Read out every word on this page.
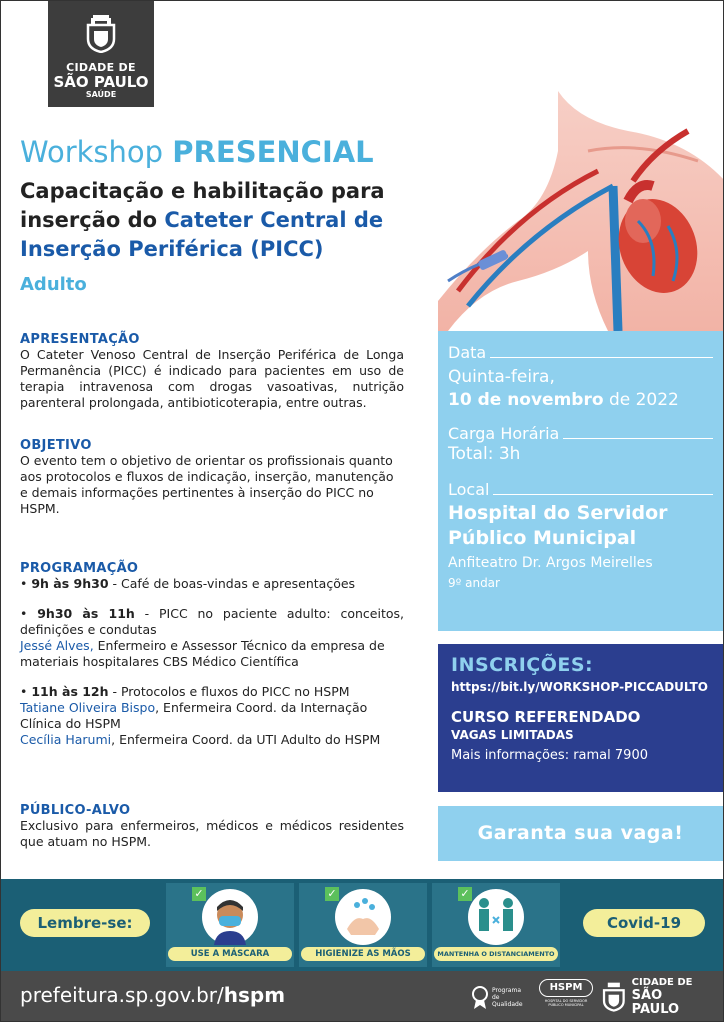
CIDADE DE
SÃO PAULO
SAÚDE
Workshop PRESENCIAL
Capacitação e habilitação para inserção do Cateter Central de Inserção Periférica (PICC)
Adulto
APRESENTAÇÃO
O Cateter Venoso Central de Inserção Periférica de Longa Permanência (PICC) é indicado para pacientes em uso de terapia intravenosa com drogas vasoativas, nutrição parenteral prolongada, antibioticoterapia, entre outras.
OBJETIVO
O evento tem o objetivo de orientar os profissionais quanto aos protocolos e fluxos de indicação, inserção, manutenção e demais informações pertinentes à inserção do PICC no HSPM.
PROGRAMAÇÃO
• 9h às 9h30 - Café de boas-vindas e apresentações
• 9h30 às 11h - PICC no paciente adulto: conceitos, definições e condutas
Jessé Alves, Enfermeiro e Assessor Técnico da empresa de materiais hospitalares CBS Médico Científica
• 11h às 12h - Protocolos e fluxos do PICC no HSPM
Tatiane Oliveira Bispo, Enfermeira Coord. da Internação Clínica do HSPM
Cecília Harumi, Enfermeira Coord. da UTI Adulto do HSPM
PÚBLICO-ALVO
Exclusivo para enfermeiros, médicos e médicos residentes que atuam no HSPM.
Data
Quinta-feira,
10 de novembro de 2022
Carga Horária
Total: 3h
Local
Hospital do Servidor
Público Municipal
Anfiteatro Dr. Argos Meirelles
9º andar
INSCRIÇÕES:
https://bit.ly/WORKSHOP-PICCADULTO
CURSO REFERENDADO
VAGAS LIMITADAS
Mais informações: ramal 7900
Garanta sua vaga!
Lembre-se:
✓
USE A MÁSCARA
✓
HIGIENIZE AS MÃOS
✓
MANTENHA O DISTANCIAMENTO
Covid-19
prefeitura.sp.gov.br/hspm	Programa de Qualidade
HSPM
HOSPITAL DO SERVIDOR PÚBLICO MUNICIPAL
CIDADE DE
SÃO PAULO
